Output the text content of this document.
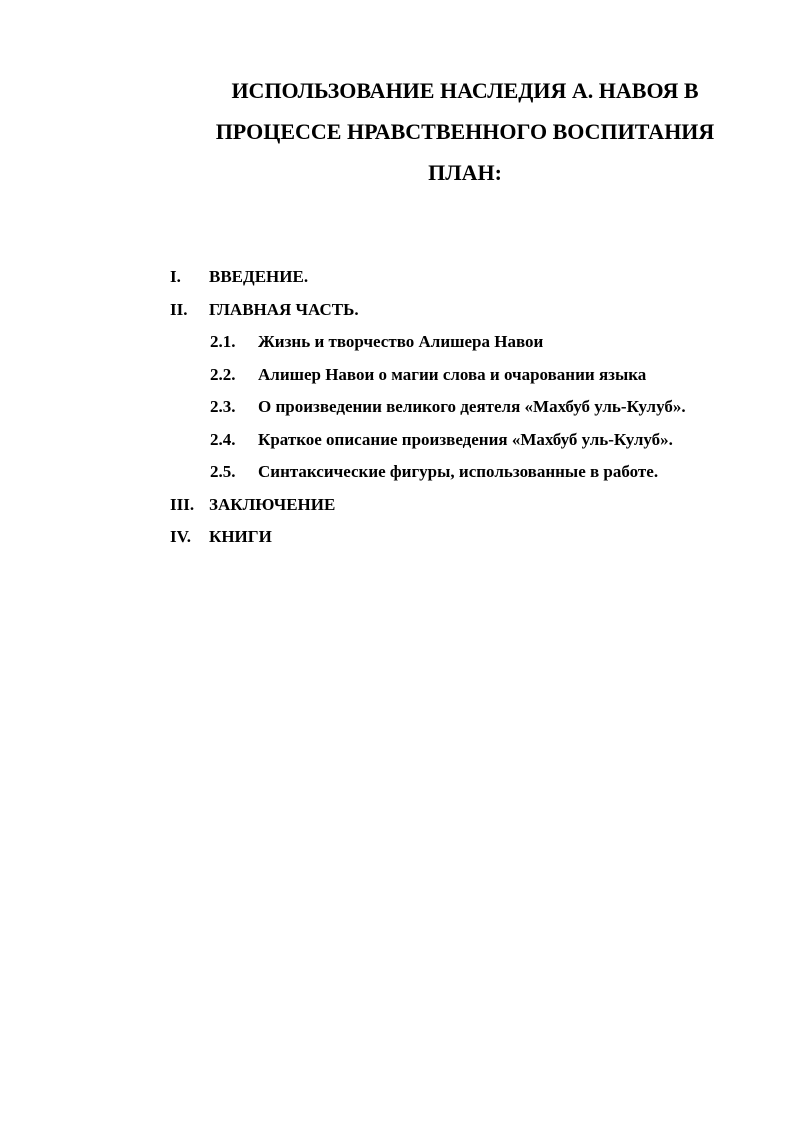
ИСПОЛЬЗОВАНИЕ НАСЛЕДИЯ А. НАВОЯ В
ПРОЦЕССЕ НРАВСТВЕННОГО ВОСПИТАНИЯ
ПЛАН:
I. ВВЕДЕНИЕ.
II. ГЛАВНАЯ ЧАСТЬ.
2.1. Жизнь и творчество Алишера Навои
2.2. Алишер Навои о магии слова и очаровании языка
2.3. О произведении великого деятеля «Махбуб уль-Кулуб».
2.4. Краткое описание произведения «Махбуб уль-Кулуб».
2.5. Синтаксические фигуры, использованные в работе.
III. ЗАКЛЮЧЕНИЕ
IV. КНИГИ
